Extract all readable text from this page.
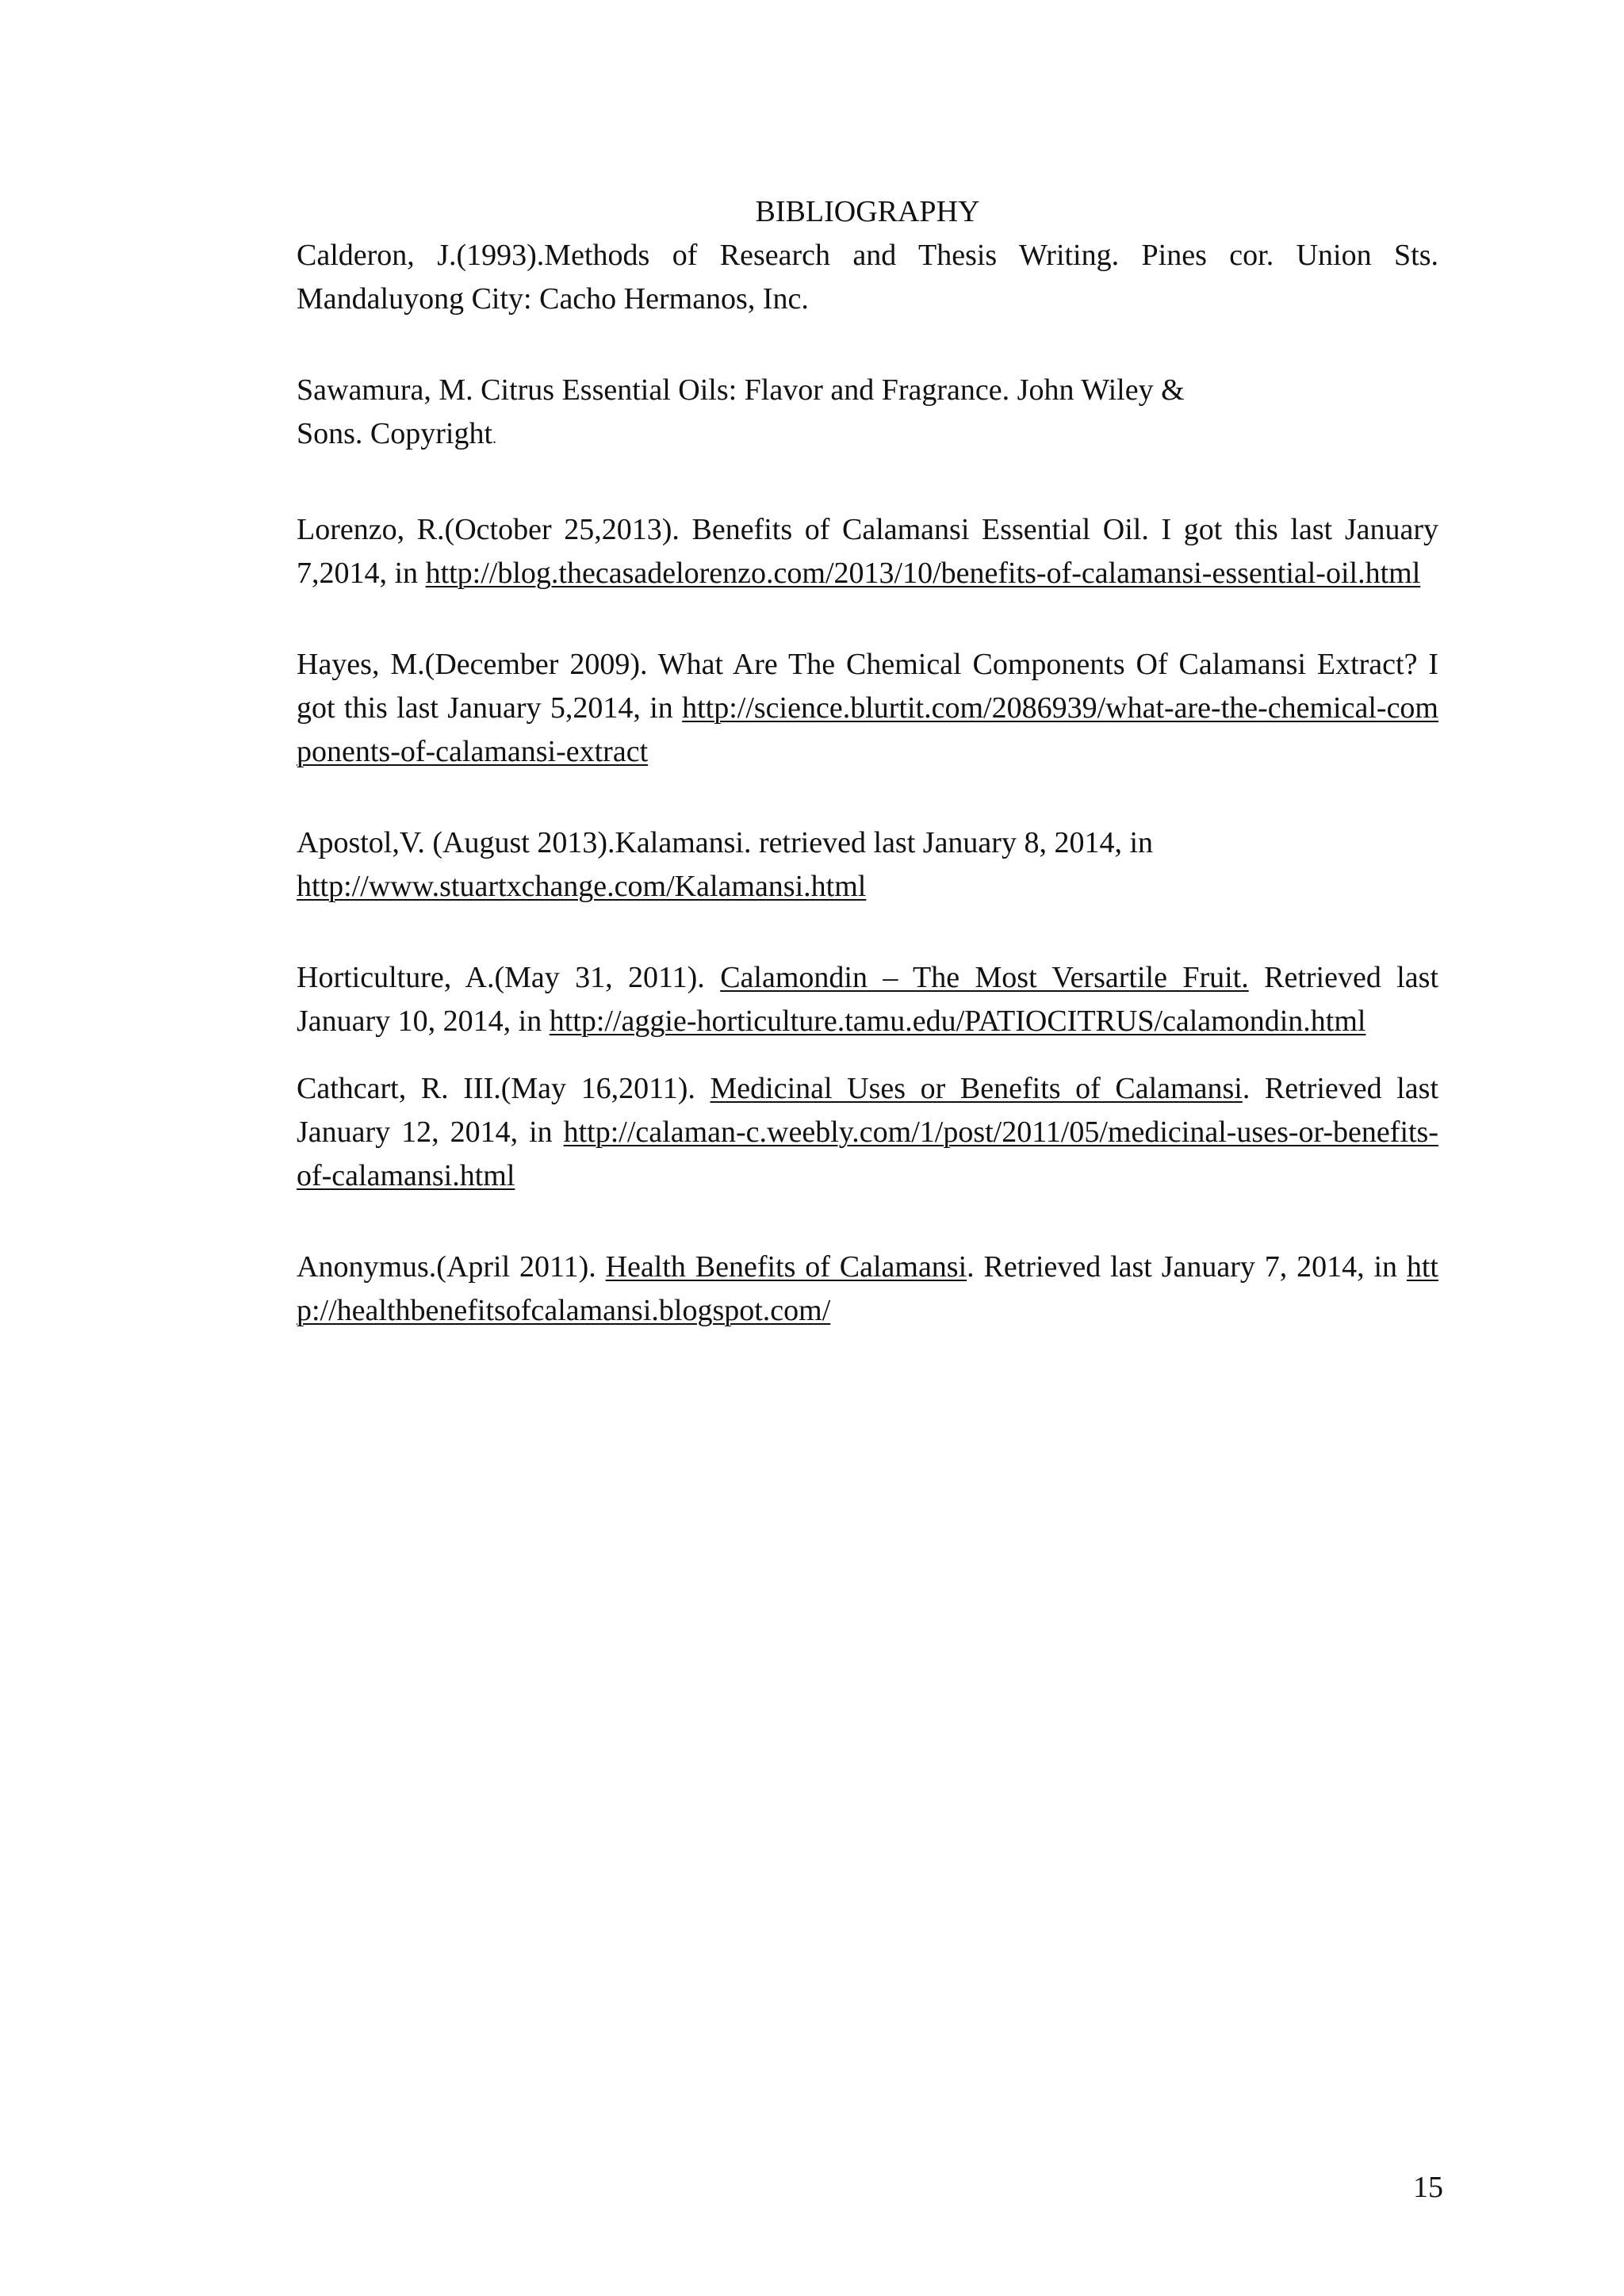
BIBLIOGRAPHY

Calderon, J.(1993).Methods of Research and Thesis Writing. Pines cor. Union Sts. Mandaluyong City: Cacho Hermanos, Inc.

Sawamura, M. Citrus Essential Oils: Flavor and Fragrance. John Wiley &
Sons. Copyright.

Lorenzo, R.(October 25,2013). Benefits of Calamansi Essential Oil. I got this last January 7,2014, in http://blog.thecasadelorenzo.com/2013/10/benefits-of-calamansi-essential-oil.html

Hayes, M.(December 2009). What Are The Chemical Components Of Calamansi Extract? I got this last January 5,2014, in http://science.blurtit.com/2086939/what-are-the-chemical-components-of-calamansi-extract

Apostol,V. (August 2013).Kalamansi. retrieved last January 8, 2014, in
http://www.stuartxchange.com/Kalamansi.html

Horticulture, A.(May 31, 2011). Calamondin – The Most Versartile Fruit. Retrieved last January 10, 2014, in http://aggie-horticulture.tamu.edu/PATIOCITRUS/calamondin.html

Cathcart, R. III.(May 16,2011). Medicinal Uses or Benefits of Calamansi. Retrieved last January 12, 2014, in http://calaman-c.weebly.com/1/post/2011/05/medicinal-uses-or-benefits-of-calamansi.html

Anonymus.(April 2011). Health Benefits of Calamansi. Retrieved last January 7, 2014, in http://healthbenefitsofcalamansi.blogspot.com/

15
